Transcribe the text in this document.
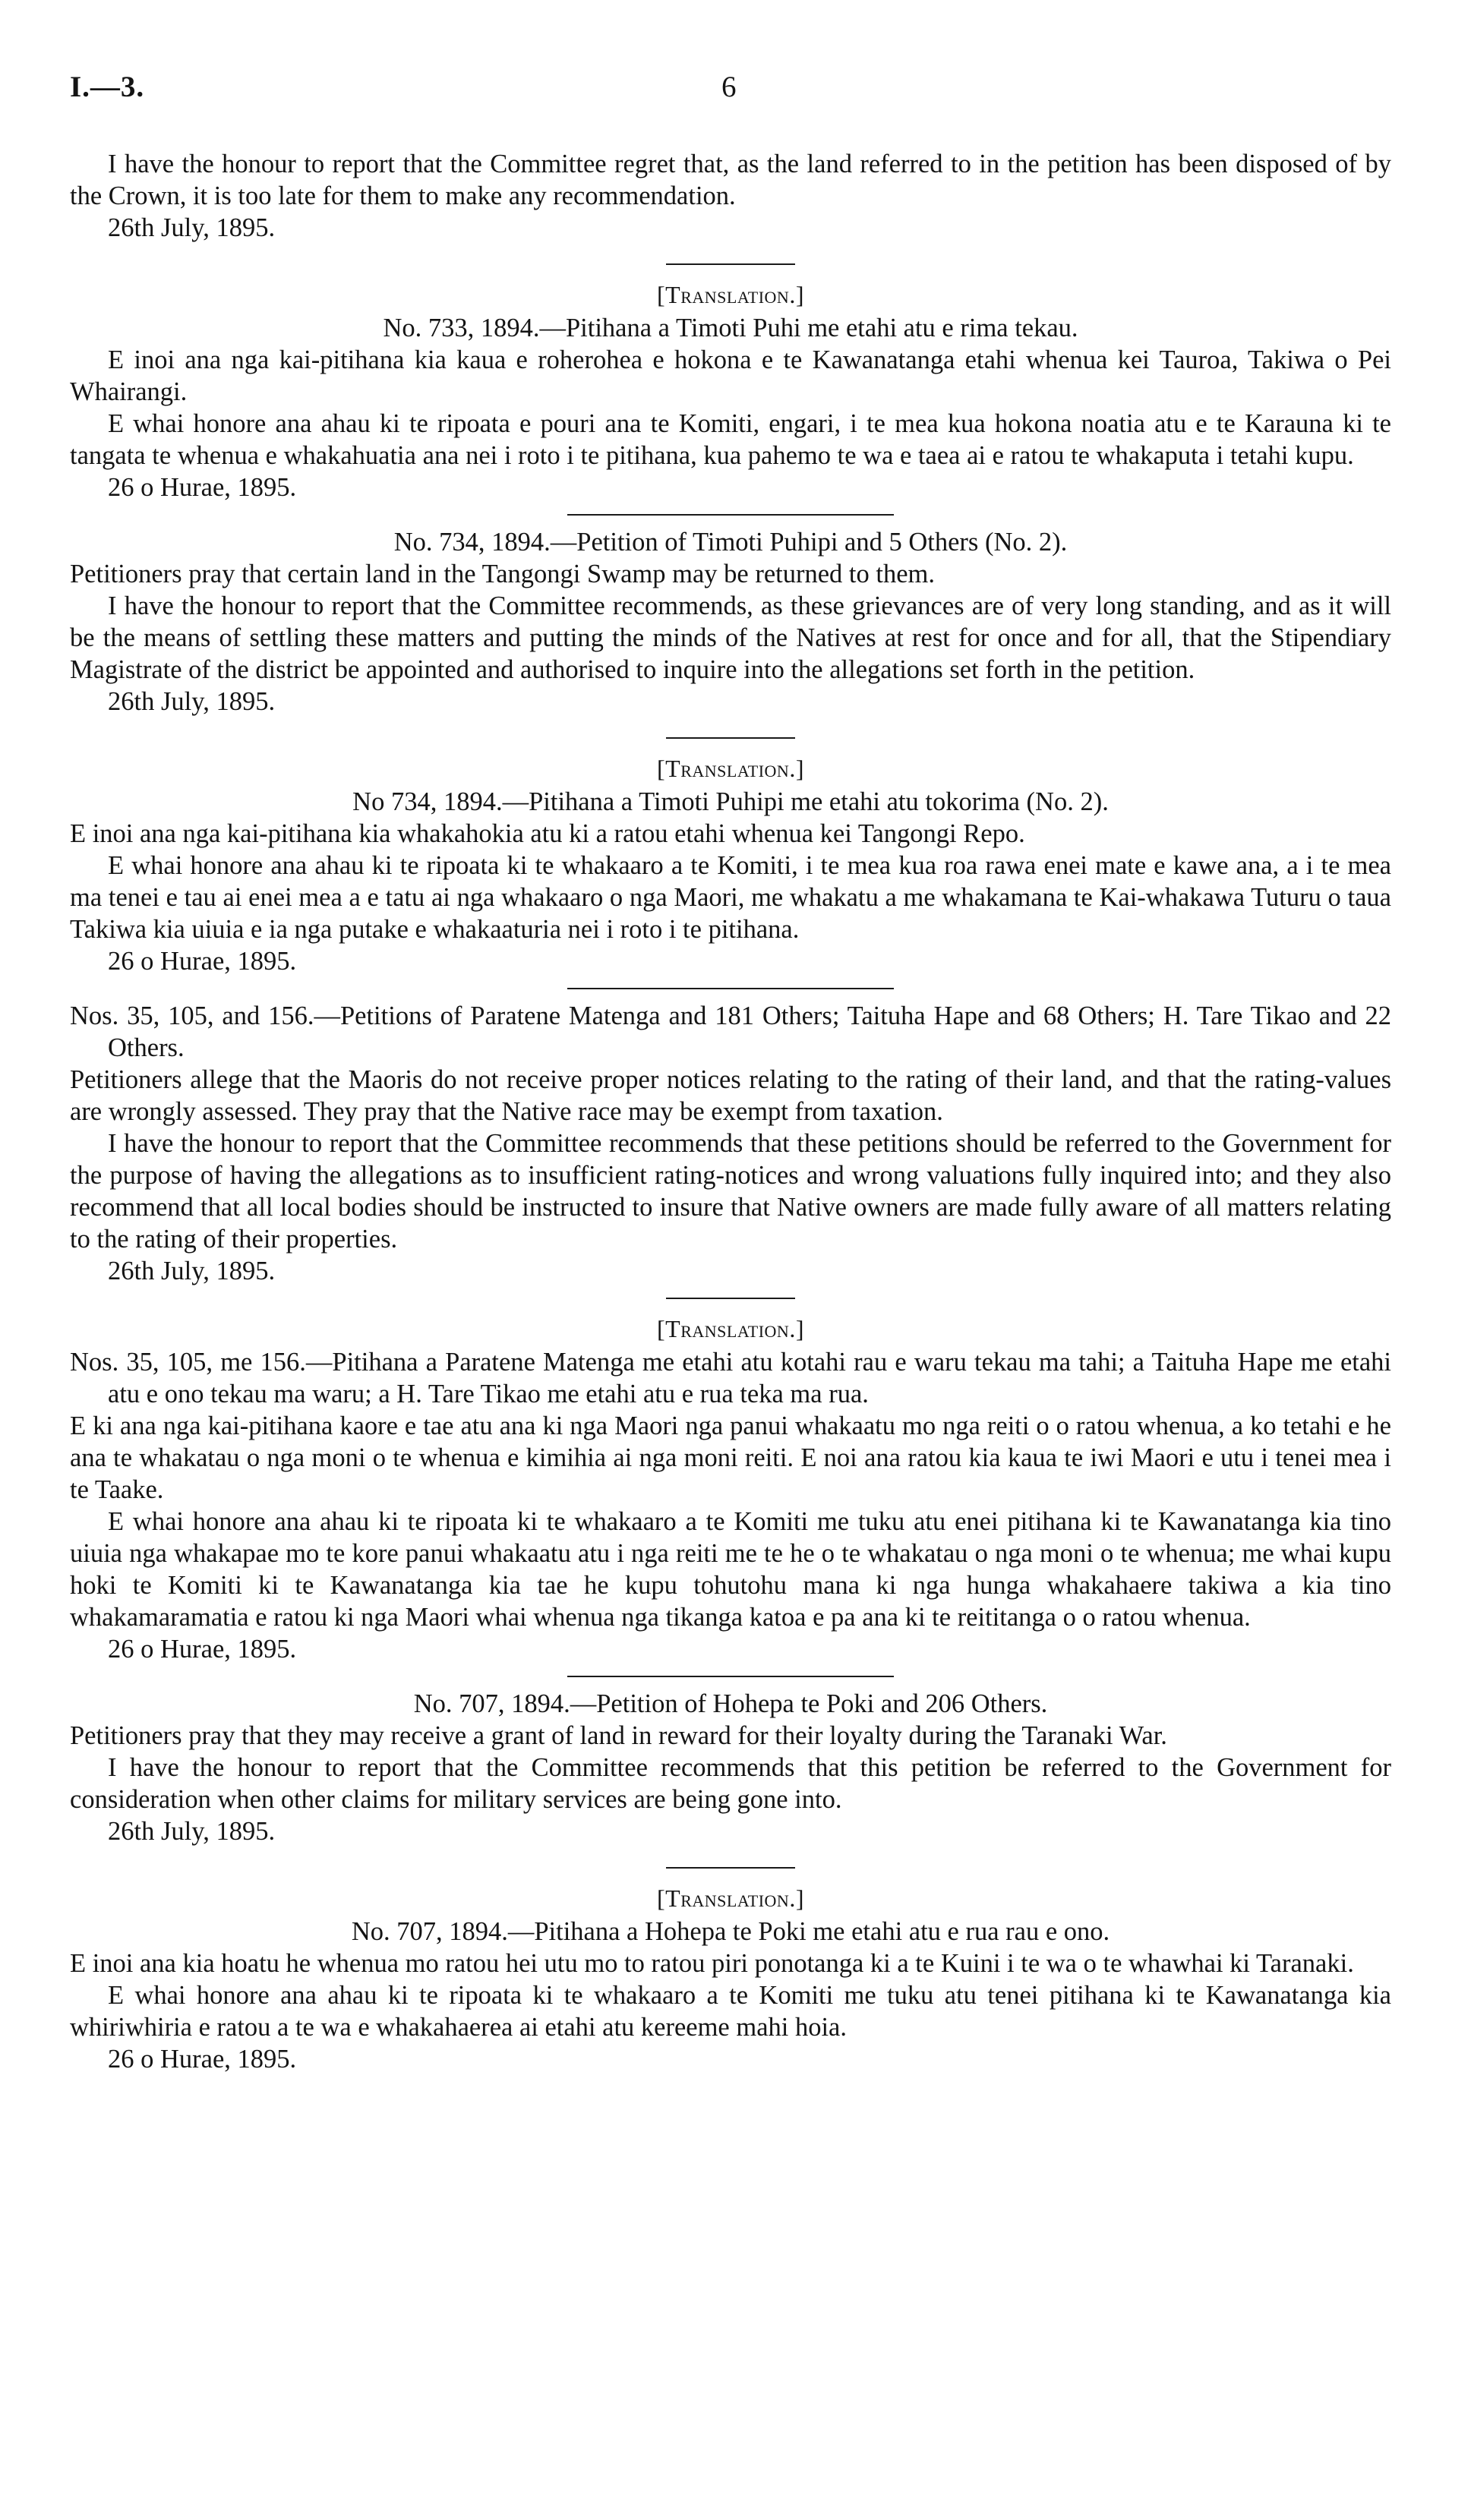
I.—3.	6

I have the honour to report that the Committee regret that, as the land referred to in the petition has been disposed of by the Crown, it is too late for them to make any recommendation.

26th July, 1895.

[Translation.]

No. 733, 1894.—Pitihana a Timoti Puhi me etahi atu e rima tekau.

E inoi ana nga kai-pitihana kia kaua e roherohea e hokona e te Kawanatanga etahi whenua kei Tauroa, Takiwa o Pei Whairangi.

E whai honore ana ahau ki te ripoata e pouri ana te Komiti, engari, i te mea kua hokona noatia atu e te Karauna ki te tangata te whenua e whakahuatia ana nei i roto i te pitihana, kua pahemo te wa e taea ai e ratou te whakaputa i tetahi kupu.

26 o Hurae, 1895.

No. 734, 1894.—Petition of Timoti Puhipi and 5 Others (No. 2).

Petitioners pray that certain land in the Tangongi Swamp may be returned to them.

I have the honour to report that the Committee recommends, as these grievances are of very long standing, and as it will be the means of settling these matters and putting the minds of the Natives at rest for once and for all, that the Stipendiary Magistrate of the district be appointed and authorised to inquire into the allegations set forth in the petition.

26th July, 1895.

[Translation.]

No 734, 1894.—Pitihana a Timoti Puhipi me etahi atu tokorima (No. 2).

E inoi ana nga kai-pitihana kia whakahokia atu ki a ratou etahi whenua kei Tangongi Repo.

E whai honore ana ahau ki te ripoata ki te whakaaro a te Komiti, i te mea kua roa rawa enei mate e kawe ana, a i te mea ma tenei e tau ai enei mea a e tatu ai nga whakaaro o nga Maori, me whakatu a me whakamana te Kai-whakawa Tuturu o taua Takiwa kia uiuia e ia nga putake e whakaaturia nei i roto i te pitihana.

26 o Hurae, 1895.

Nos. 35, 105, and 156.—Petitions of Paratene Matenga and 181 Others; Taituha Hape and 68 Others; H. Tare Tikao and 22 Others.

Petitioners allege that the Maoris do not receive proper notices relating to the rating of their land, and that the rating-values are wrongly assessed. They pray that the Native race may be exempt from taxation.

I have the honour to report that the Committee recommends that these petitions should be referred to the Government for the purpose of having the allegations as to insufficient rating-notices and wrong valuations fully inquired into; and they also recommend that all local bodies should be instructed to insure that Native owners are made fully aware of all matters relating to the rating of their properties.

26th July, 1895.

[Translation.]

Nos. 35, 105, me 156.—Pitihana a Paratene Matenga me etahi atu kotahi rau e waru tekau ma tahi; a Taituha Hape me etahi atu e ono tekau ma waru; a H. Tare Tikao me etahi atu e rua teka ma rua.

E ki ana nga kai-pitihana kaore e tae atu ana ki nga Maori nga panui whakaatu mo nga reiti o o ratou whenua, a ko tetahi e he ana te whakatau o nga moni o te whenua e kimihia ai nga moni reiti. E noi ana ratou kia kaua te iwi Maori e utu i tenei mea i te Taake.

E whai honore ana ahau ki te ripoata ki te whakaaro a te Komiti me tuku atu enei pitihana ki te Kawanatanga kia tino uiuia nga whakapae mo te kore panui whakaatu atu i nga reiti me te he o te whakatau o nga moni o te whenua; me whai kupu hoki te Komiti ki te Kawanatanga kia tae he kupu tohutohu mana ki nga hunga whakahaere takiwa a kia tino whakamaramatia e ratou ki nga Maori whai whenua nga tikanga katoa e pa ana ki te reititanga o o ratou whenua.

26 o Hurae, 1895.

No. 707, 1894.—Petition of Hohepa te Poki and 206 Others.

Petitioners pray that they may receive a grant of land in reward for their loyalty during the Taranaki War.

I have the honour to report that the Committee recommends that this petition be referred to the Government for consideration when other claims for military services are being gone into.

26th July, 1895.

[Translation.]

No. 707, 1894.—Pitihana a Hohepa te Poki me etahi atu e rua rau e ono.

E inoi ana kia hoatu he whenua mo ratou hei utu mo to ratou piri ponotanga ki a te Kuini i te wa o te whawhai ki Taranaki.

E whai honore ana ahau ki te ripoata ki te whakaaro a te Komiti me tuku atu tenei pitihana ki te Kawanatanga kia whiriwhiria e ratou a te wa e whakahaerea ai etahi atu kereeme mahi hoia.

26 o Hurae, 1895.
